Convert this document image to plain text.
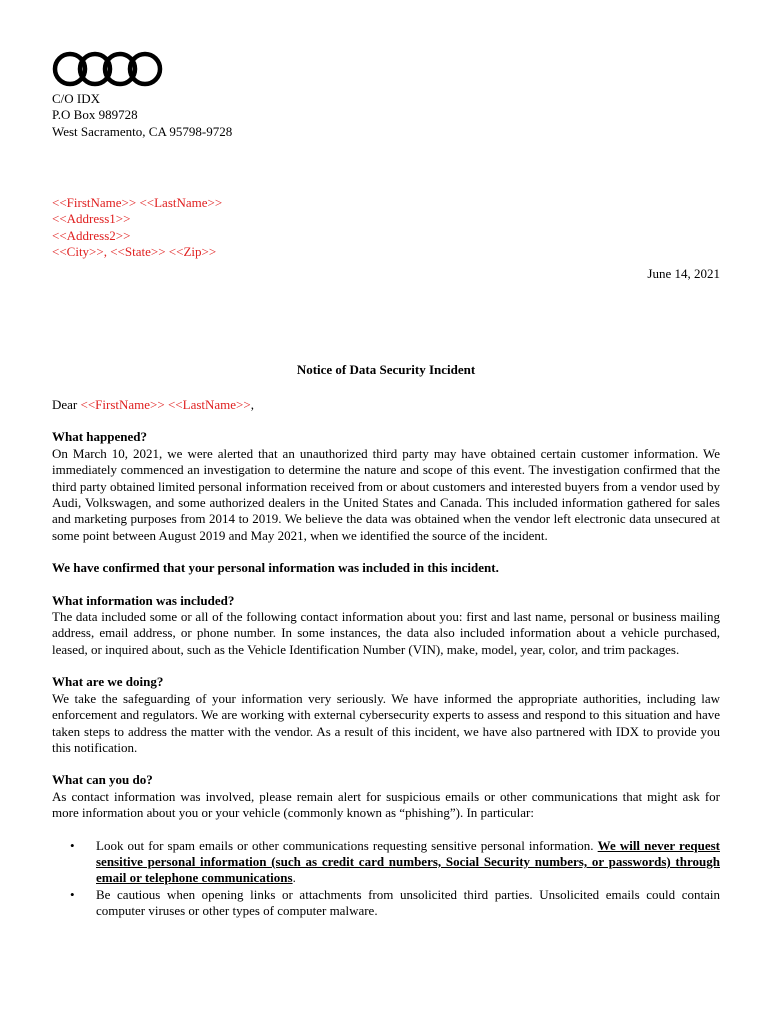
C/O IDX
P.O Box 989728
West Sacramento, CA 95798-9728
<<FirstName>> <<LastName>>
<<Address1>>
<<Address2>>
<<City>>, <<State>> <<Zip>>
June 14, 2021
Notice of Data Security Incident

Dear <<FirstName>> <<LastName>>,

What happened?

On March 10, 2021, we were alerted that an unauthorized third party may have obtained certain customer information. We immediately commenced an investigation to determine the nature and scope of this event. The investigation confirmed that the third party obtained limited personal information received from or about customers and interested buyers from a vendor used by Audi, Volkswagen, and some authorized dealers in the United States and Canada. This included information gathered for sales and marketing purposes from 2014 to 2019. We believe the data was obtained when the vendor left electronic data unsecured at some point between August 2019 and May 2021, when we identified the source of the incident.

We have confirmed that your personal information was included in this incident.

What information was included?

The data included some or all of the following contact information about you: first and last name, personal or business mailing address, email address, or phone number. In some instances, the data also included information about a vehicle purchased, leased, or inquired about, such as the Vehicle Identification Number (VIN), make, model, year, color, and trim packages.

What are we doing?

We take the safeguarding of your information very seriously. We have informed the appropriate authorities, including law enforcement and regulators. We are working with external cybersecurity experts to assess and respond to this situation and have taken steps to address the matter with the vendor. As a result of this incident, we have also partnered with IDX to provide you this notification.

What can you do?

As contact information was involved, please remain alert for suspicious emails or other communications that might ask for more information about you or your vehicle (commonly known as “phishing”). In particular:

• Look out for spam emails or other communications requesting sensitive personal information. We will never request sensitive personal information (such as credit card numbers, Social Security numbers, or passwords) through email or telephone communications.
• Be cautious when opening links or attachments from unsolicited third parties. Unsolicited emails could contain computer viruses or other types of computer malware.
